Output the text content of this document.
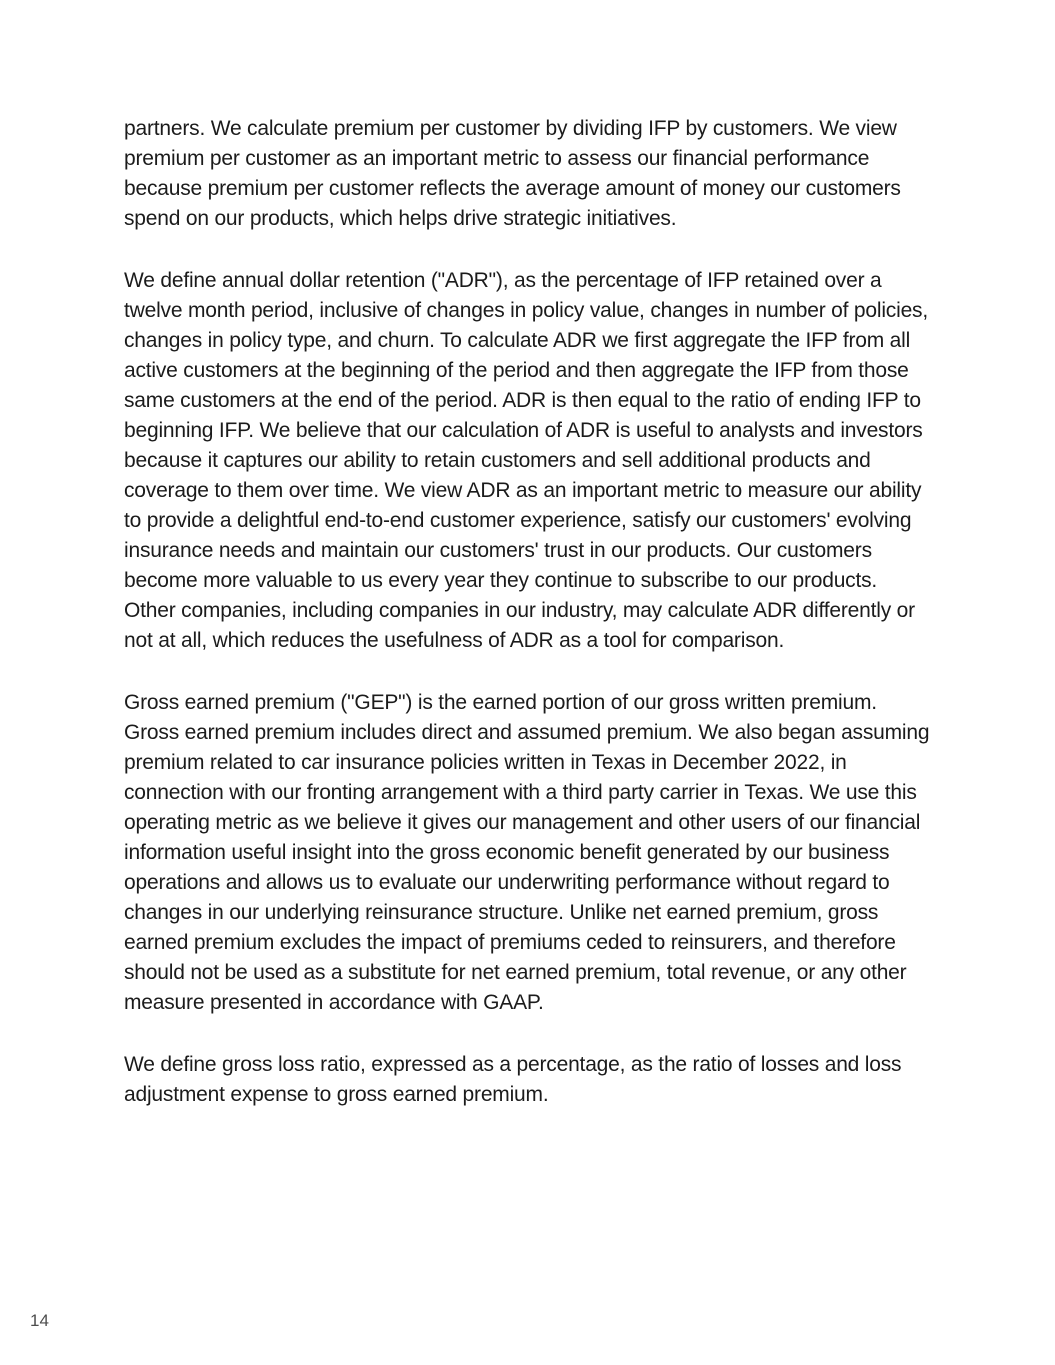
partners. We calculate premium per customer by dividing IFP by customers. We view premium per customer as an important metric to assess our financial performance because premium per customer reflects the average amount of money our customers spend on our products, which helps drive strategic initiatives.

We define annual dollar retention ("ADR"), as the percentage of IFP retained over a twelve month period, inclusive of changes in policy value, changes in number of policies, changes in policy type, and churn. To calculate ADR we first aggregate the IFP from all active customers at the beginning of the period and then aggregate the IFP from those same customers at the end of the period. ADR is then equal to the ratio of ending IFP to beginning IFP. We believe that our calculation of ADR is useful to analysts and investors because it captures our ability to retain customers and sell additional products and coverage to them over time. We view ADR as an important metric to measure our ability to provide a delightful end-to-end customer experience, satisfy our customers' evolving insurance needs and maintain our customers' trust in our products. Our customers become more valuable to us every year they continue to subscribe to our products. Other companies, including companies in our industry, may calculate ADR differently or not at all, which reduces the usefulness of ADR as a tool for comparison.

Gross earned premium ("GEP") is the earned portion of our gross written premium. Gross earned premium includes direct and assumed premium. We also began assuming premium related to car insurance policies written in Texas in December 2022, in connection with our fronting arrangement with a third party carrier in Texas. We use this operating metric as we believe it gives our management and other users of our financial information useful insight into the gross economic benefit generated by our business operations and allows us to evaluate our underwriting performance without regard to changes in our underlying reinsurance structure. Unlike net earned premium, gross earned premium excludes the impact of premiums ceded to reinsurers, and therefore should not be used as a substitute for net earned premium, total revenue, or any other measure presented in accordance with GAAP.

We define gross loss ratio, expressed as a percentage, as the ratio of losses and loss adjustment expense to gross earned premium.

14
